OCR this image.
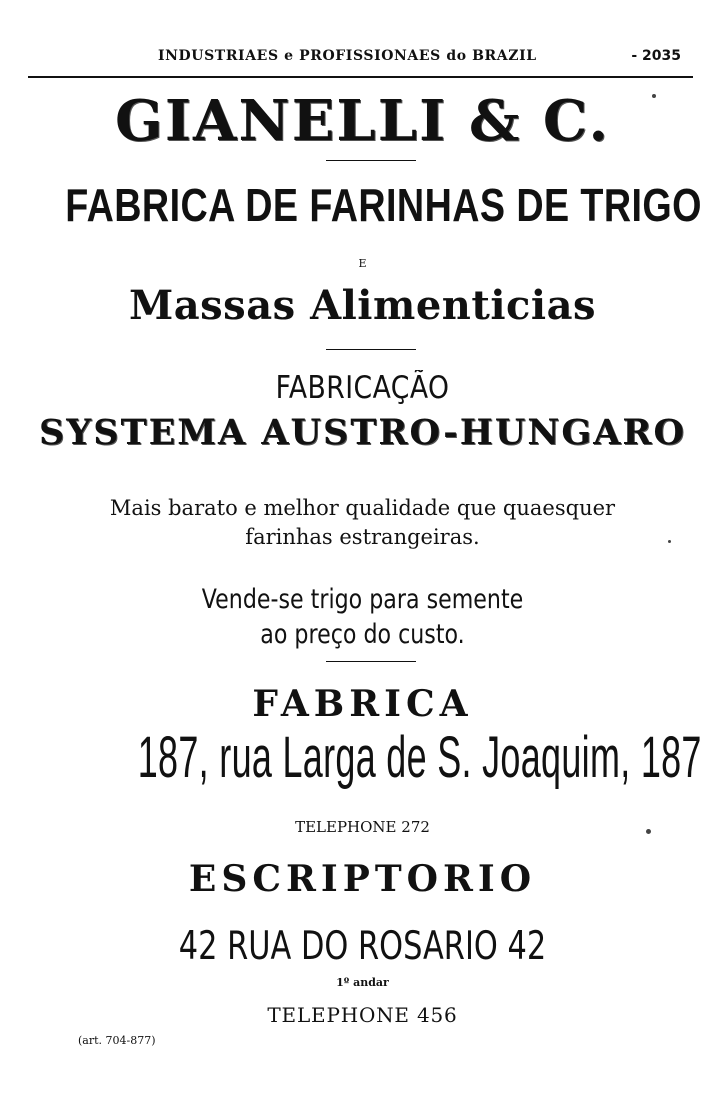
INDUSTRIAES e PROFISSIONAES do BRAZIL	- 2035
GIANELLI & C.
FABRICA DE FARINHAS DE TRIGO
E
Massas Alimenticias
FABRICAÇÃO
SYSTEMA AUSTRO-HUNGARO
Mais barato e melhor qualidade que quaesquer
farinhas estrangeiras.
Vende-se trigo para semente
ao preço do custo.
FABRICA
187, rua Larga de S. Joaquim, 187
TELEPHONE 272
ESCRIPTORIO
42 RUA DO ROSARIO 42
1º andar
TELEPHONE 456
(art. 704-877)
